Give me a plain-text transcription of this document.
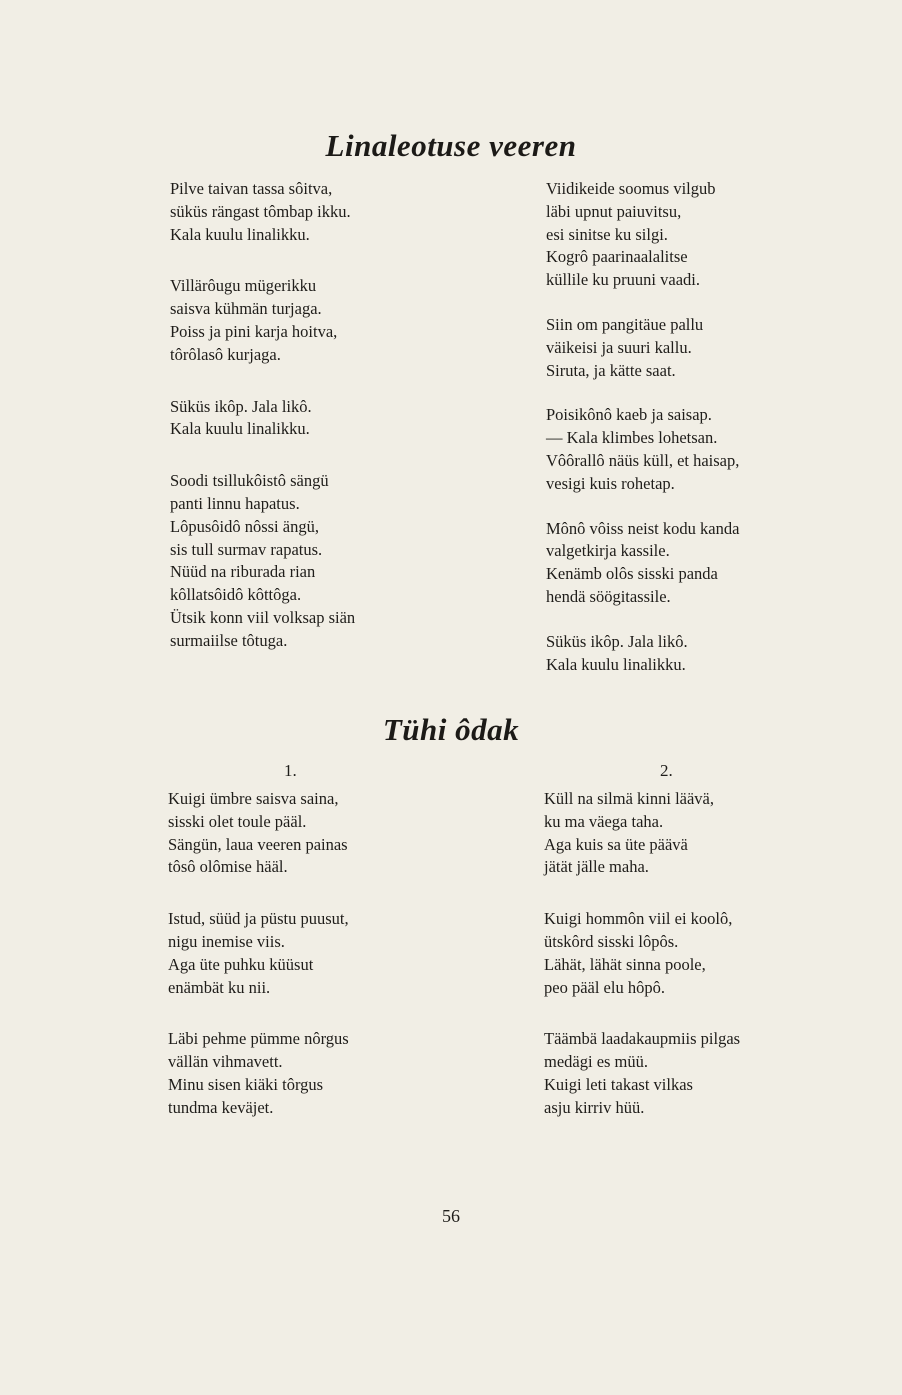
Linaleotuse veeren
Pilve taivan tassa sôitva,
süküs rängast tômbap ikku.
Kala kuulu linalikku.
Villärôugu mügerikku
saisva kühmän turjaga.
Poiss ja pini karja hoitva,
tôrôlasô kurjaga.
Süküs ikôp. Jala likô.
Kala kuulu linalikku.
Soodi tsillukôistô sängü
panti linnu hapatus.
Lôpusôidô nôssi ängü,
sis tull surmav rapatus.
Nüüd na riburada rian
kôllatsôidô kôttôga.
Ütsik konn viil volksap siän
surmaiilse tôtuga.
Viidikeide soomus vilgub
läbi upnut paiuvitsu,
esi sinitse ku silgi.
Kogrô paarinaalalitse
küllile ku pruuni vaadi.
Siin om pangitäue pallu
väikeisi ja suuri kallu.
Siruta, ja kätte saat.
Poisikônô kaeb ja saisap.
— Kala klimbes lohetsan.
Vôôrallô näüs küll, et haisap,
vesigi kuis rohetap.
Mônô vôiss neist kodu kanda
valgetkirja kassile.
Kenämb olôs sisski panda
hendä söögitassile.
Süküs ikôp. Jala likô.
Kala kuulu linalikku.
Tühi ôdak
1.	2.
Kuigi ümbre saisva saina,
sisski olet toule pääl.
Sängün, laua veeren painas
tôsô olômise hääl.
Istud, süüd ja püstu puusut,
nigu inemise viis.
Aga üte puhku küüsut
enämbät ku nii.
Läbi pehme pümme nôrgus
vällän vihmavett.
Minu sisen kiäki tôrgus
tundma keväjet.
Küll na silmä kinni läävä,
ku ma väega taha.
Aga kuis sa üte päävä
jätät jälle maha.
Kuigi hommôn viil ei koolô,
ütskôrd sisski lôpôs.
Lähät, lähät sinna poole,
peo pääl elu hôpô.
Täämbä laadakaupmiis pilgas
medägi es müü.
Kuigi leti takast vilkas
asju kirriv hüü.
56
